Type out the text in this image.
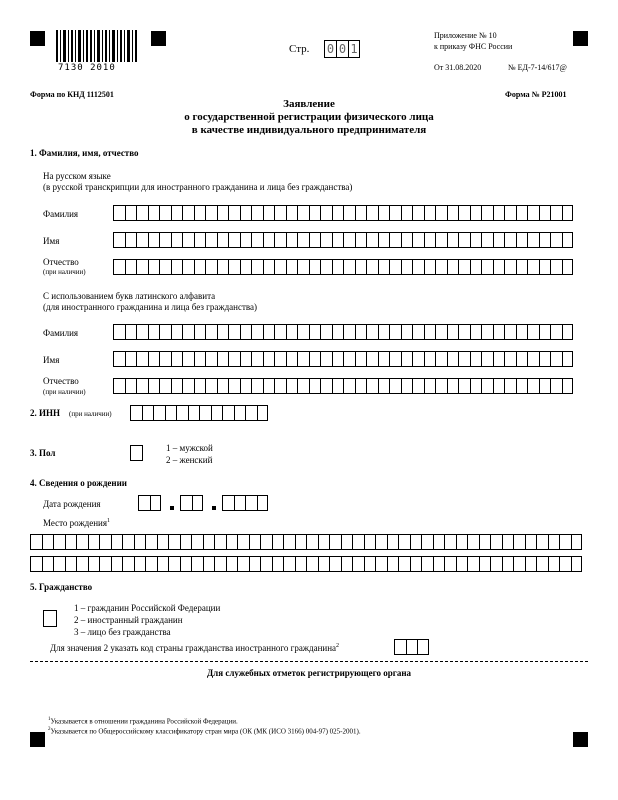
7130 2010
Стр. 0 0 1
Приложение № 10
к приказу ФНС России
От 31.08.2020	№ ЕД-7-14/617@
Форма по КНД 1112501	Форма № Р21001
Заявление
о государственной регистрации физического лица
в качестве индивидуального предпринимателя
1. Фамилия, имя, отчество
На русском языке
(в русской транскрипции для иностранного гражданина и лица без гражданства)
Фамилия
Имя
Отчество
(при наличии)
С использованием букв латинского алфавита
(для иностранного гражданина и лица без гражданства)
Фамилия
Имя
Отчество
(при наличии)
2. ИНН (при наличии)
3. Пол	1 – мужской
2 – женский
4. Сведения о рождении
Дата рождения
Место рождения$^1$
5. Гражданство
1 – гражданин Российской Федерации
2 – иностранный гражданин
3 – лицо без гражданства
Для значения 2 указать код страны гражданства иностранного гражданина$^2$
Для служебных отметок регистрирующего органа
$^1$Указывается в отношении гражданина Российской Федерации.
$^2$Указывается по Общероссийскому классификатору стран мира (ОК (МК (ИСО 3166) 004-97) 025-2001).
